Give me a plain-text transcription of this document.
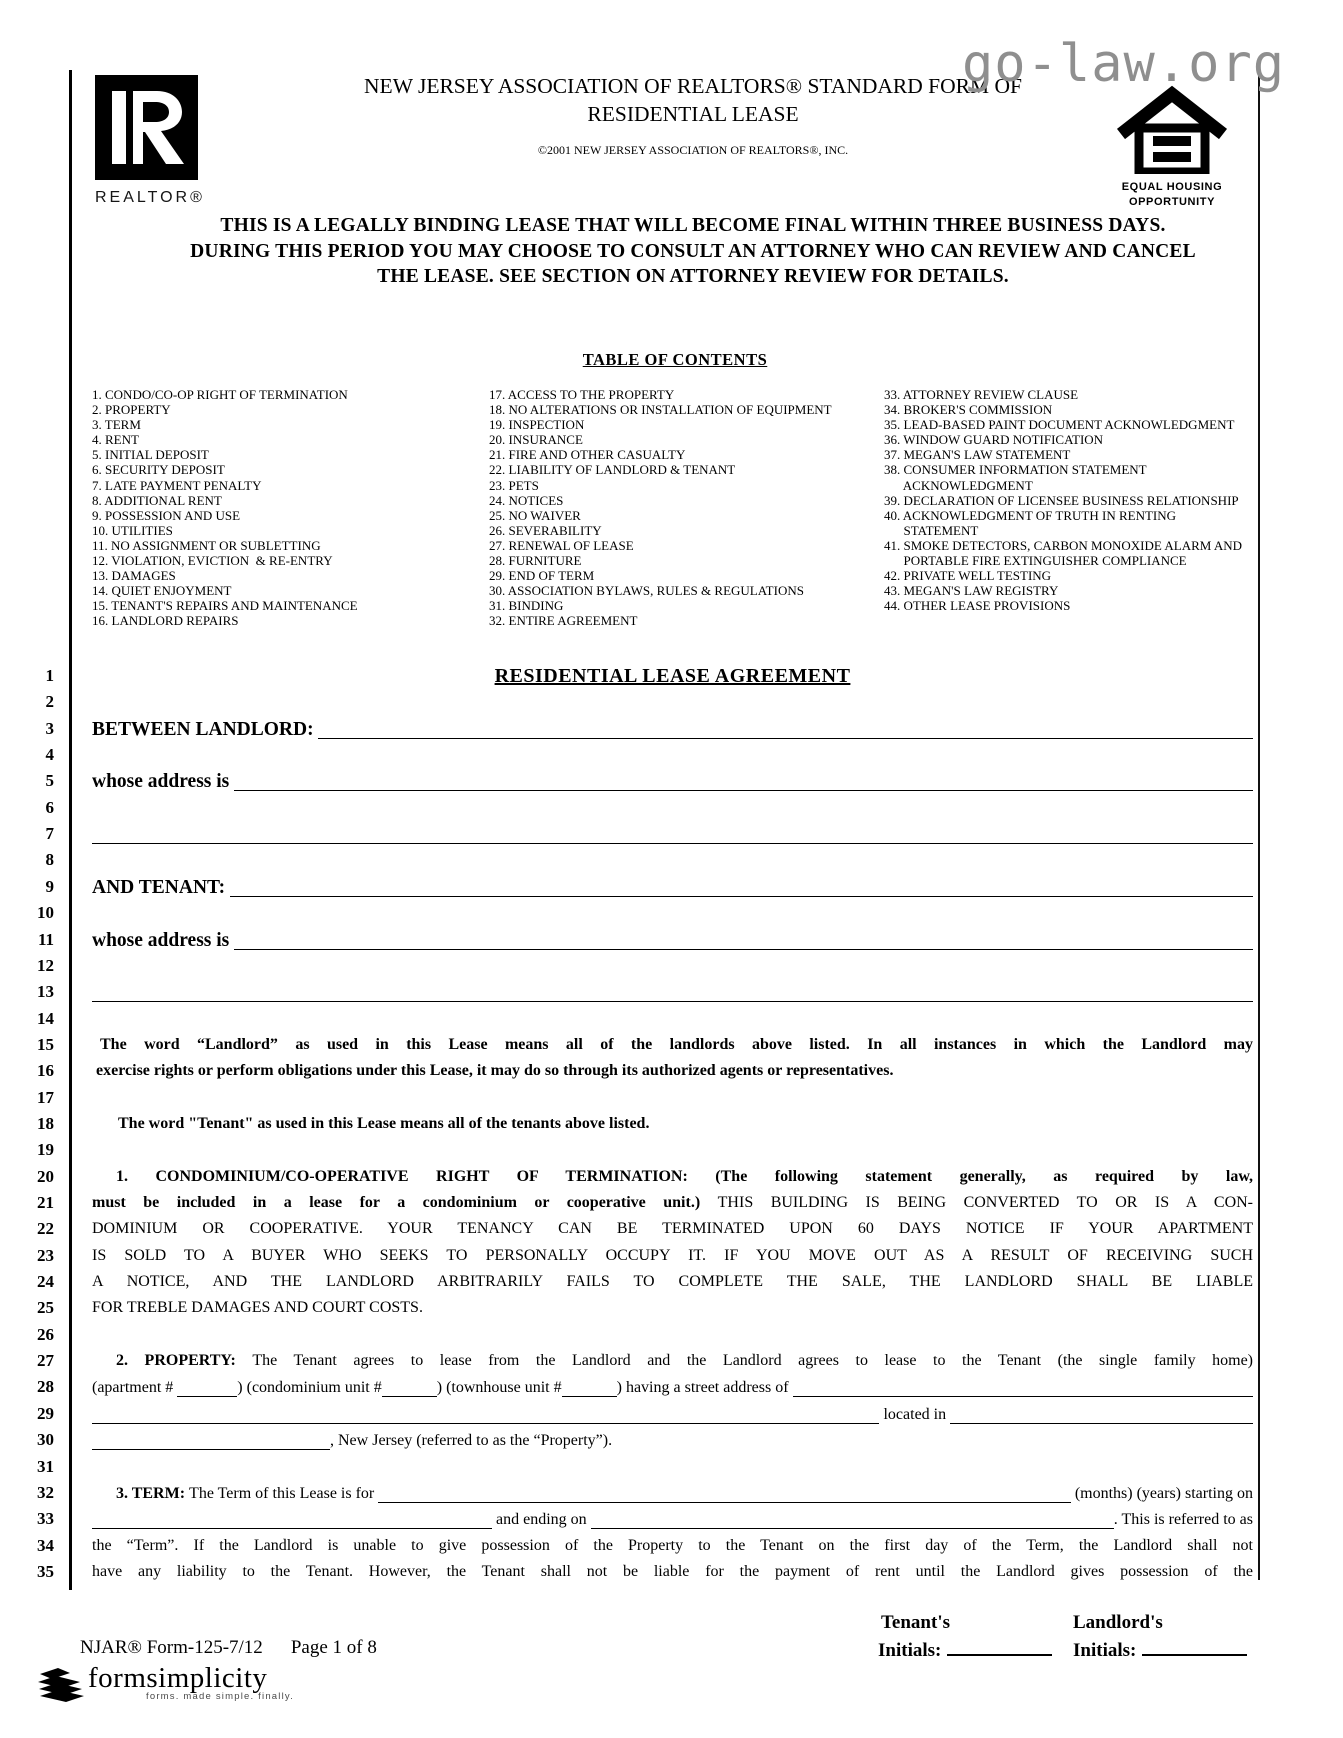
go-law.org
REALTOR®
NEW JERSEY ASSOCIATION OF REALTORS® STANDARD FORM OF
RESIDENTIAL LEASE
©2001 NEW JERSEY ASSOCIATION OF REALTORS®, INC.
EQUAL HOUSING
OPPORTUNITY
THIS IS A LEGALLY BINDING LEASE THAT WILL BECOME FINAL WITHIN THREE BUSINESS DAYS.
DURING THIS PERIOD YOU MAY CHOOSE TO CONSULT AN ATTORNEY WHO CAN REVIEW AND CANCEL
THE LEASE. SEE SECTION ON ATTORNEY REVIEW FOR DETAILS.
TABLE OF CONTENTS
1. CONDO/CO-OP RIGHT OF TERMINATION
2. PROPERTY
3. TERM
4. RENT
5. INITIAL DEPOSIT
6. SECURITY DEPOSIT
7. LATE PAYMENT PENALTY
8. ADDITIONAL RENT
9. POSSESSION AND USE
10. UTILITIES
11. NO ASSIGNMENT OR SUBLETTING
12. VIOLATION, EVICTION  & RE-ENTRY
13. DAMAGES
14. QUIET ENJOYMENT
15. TENANT'S REPAIRS AND MAINTENANCE
16. LANDLORD REPAIRS
17. ACCESS TO THE PROPERTY
18. NO ALTERATIONS OR INSTALLATION OF EQUIPMENT
19. INSPECTION
20. INSURANCE
21. FIRE AND OTHER CASUALTY
22. LIABILITY OF LANDLORD & TENANT
23. PETS
24. NOTICES
25. NO WAIVER
26. SEVERABILITY
27. RENEWAL OF LEASE
28. FURNITURE
29. END OF TERM
30. ASSOCIATION BYLAWS, RULES & REGULATIONS
31. BINDING
32. ENTIRE AGREEMENT
33. ATTORNEY REVIEW CLAUSE
34. BROKER'S COMMISSION
35. LEAD-BASED PAINT DOCUMENT ACKNOWLEDGMENT
36. WINDOW GUARD NOTIFICATION
37. MEGAN'S LAW STATEMENT
38. CONSUMER INFORMATION STATEMENT
ACKNOWLEDGMENT
39. DECLARATION OF LICENSEE BUSINESS RELATIONSHIP
40. ACKNOWLEDGMENT OF TRUTH IN RENTING
STATEMENT
41. SMOKE DETECTORS, CARBON MONOXIDE ALARM AND
PORTABLE FIRE EXTINGUISHER COMPLIANCE
42. PRIVATE WELL TESTING
43. MEGAN'S LAW REGISTRY
44. OTHER LEASE PROVISIONS
1
2
3
4
5
6
7
8
9
10
11
12
13
14
15
16
17
18
19
20
21
22
23
24
25
26
27
28
29
30
31
32
33
34
35
RESIDENTIAL LEASE AGREEMENT
BETWEEN LANDLORD:
whose address is
AND TENANT:
whose address is
The word “Landlord” as used in this Lease means all of the landlords above listed. In all instances in which the Landlord may
exercise rights or perform obligations under this Lease, it may do so through its authorized agents or representatives.
The word "Tenant" as used in this Lease means all of the tenants above listed.
1. CONDOMINIUM/CO-OPERATIVE RIGHT OF TERMINATION: (The following statement generally, as required by law,
must be included in a lease for a condominium or cooperative unit.) THIS BUILDING IS BEING CONVERTED TO OR IS A CON-
DOMINIUM OR COOPERATIVE. YOUR TENANCY CAN BE TERMINATED UPON 60 DAYS NOTICE IF YOUR APARTMENT
IS SOLD TO A BUYER WHO SEEKS TO PERSONALLY OCCUPY IT. IF YOU MOVE OUT AS A RESULT OF RECEIVING SUCH
A NOTICE, AND THE LANDLORD ARBITRARILY FAILS TO COMPLETE THE SALE, THE LANDLORD SHALL BE LIABLE
FOR TREBLE DAMAGES AND COURT COSTS.
2. PROPERTY: The Tenant agrees to lease from the Landlord and the Landlord agrees to lease to the Tenant (the single family home)
(apartment #	) (condominium unit #	) (townhouse unit #	) having a street address of
located in
, New Jersey (referred to as the “Property”).
3. TERM: The Term of this Lease is for	(months) (years) starting on
and ending on	. This is referred to as
the “Term”. If the Landlord is unable to give possession of the Property to the Tenant on the first day of the Term, the Landlord shall not
have any liability to the Tenant. However, the Tenant shall not be liable for the payment of rent until the Landlord gives possession of the
NJAR® Form-125-7/12 Page 1 of 8
formsimplicity
forms. made simple. finally.
Tenant's
Initials:
Landlord's
Initials:
